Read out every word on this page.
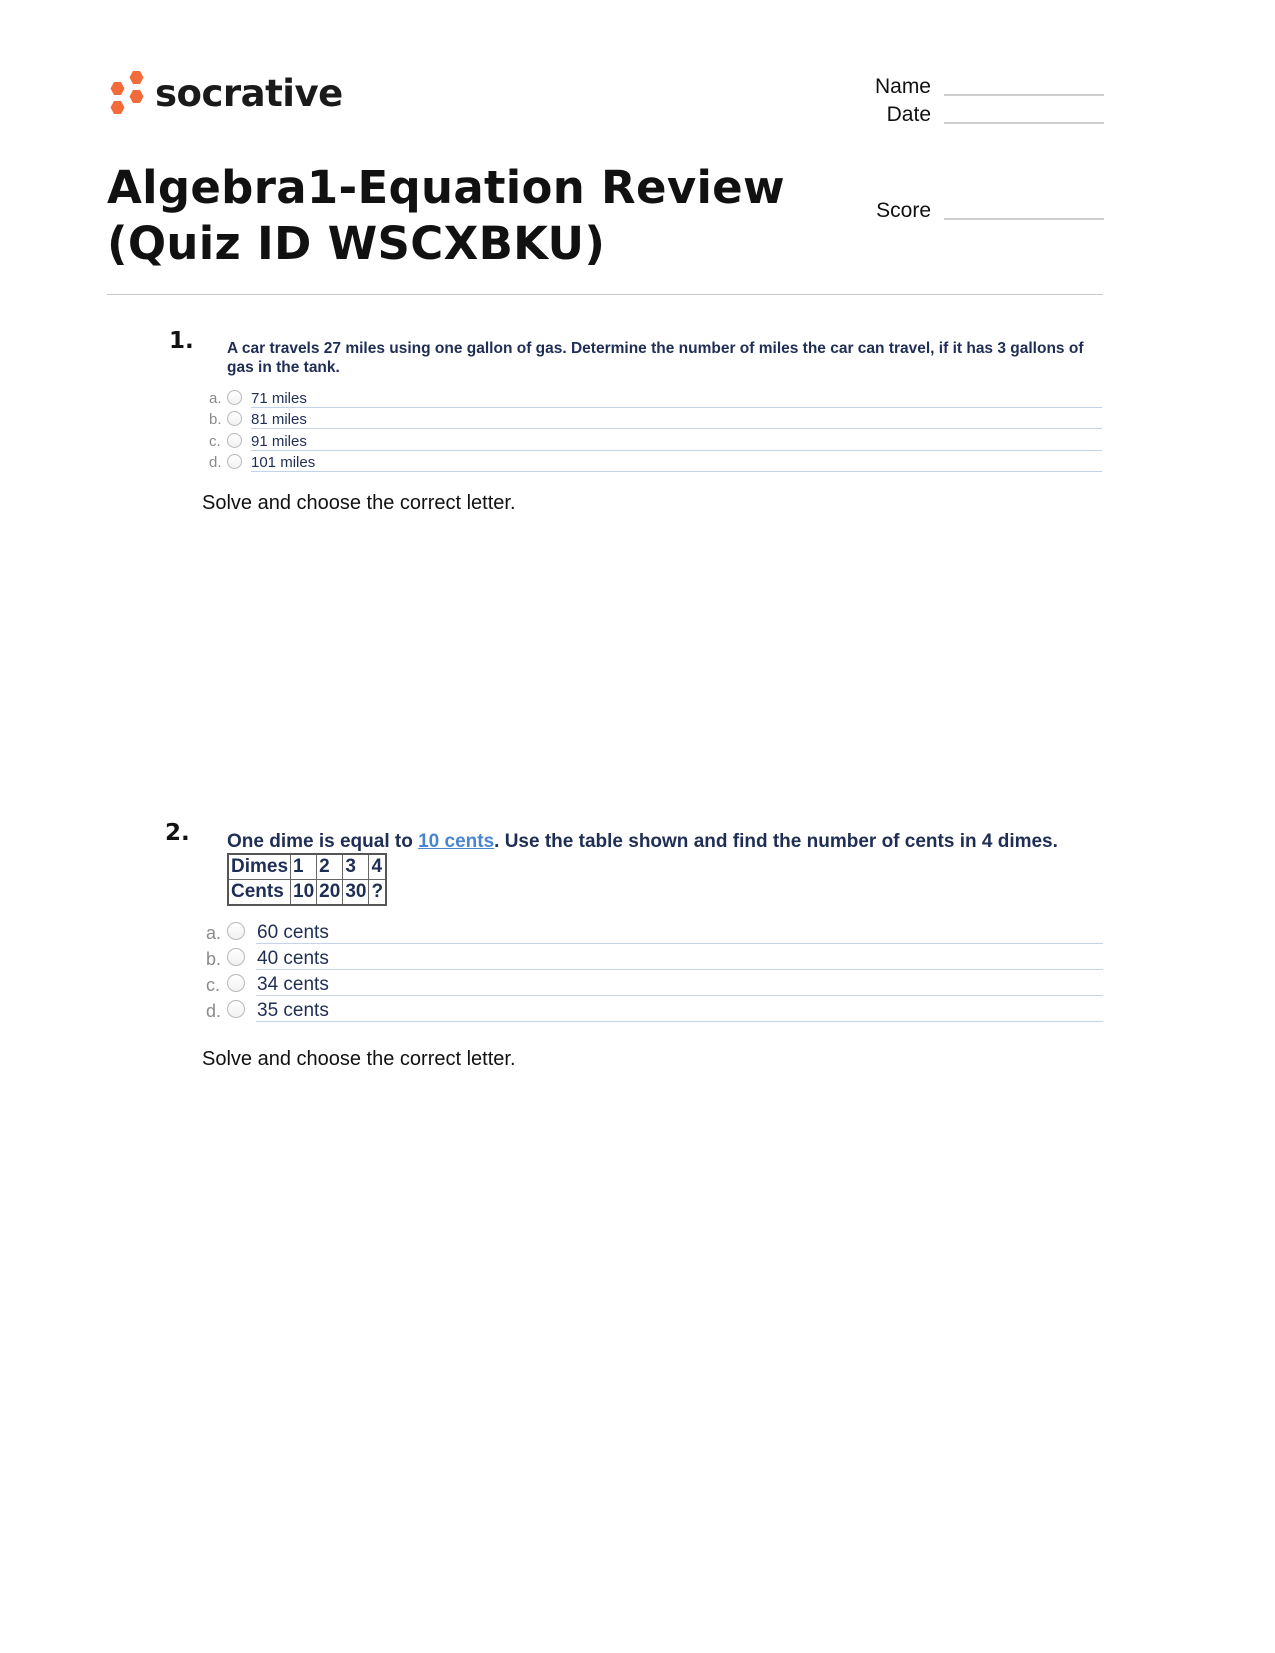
socrative	Name
Date
Score
Algebra1-Equation Review (Quiz ID WSCXBKU)
1. A car travels 27 miles using one gallon of gas. Determine the number of miles the car can travel, if it has 3 gallons of gas in the tank.
a. 71 miles
b. 81 miles
c. 91 miles
d. 101 miles
Solve and choose the correct letter.
2. One dime is equal to 10 cents. Use the table shown and find the number of cents in 4 dimes.
Dimes	1	2	3	4
Cents	10	20	30	?
a. 60 cents
b. 40 cents
c. 34 cents
d. 35 cents
Solve and choose the correct letter.
